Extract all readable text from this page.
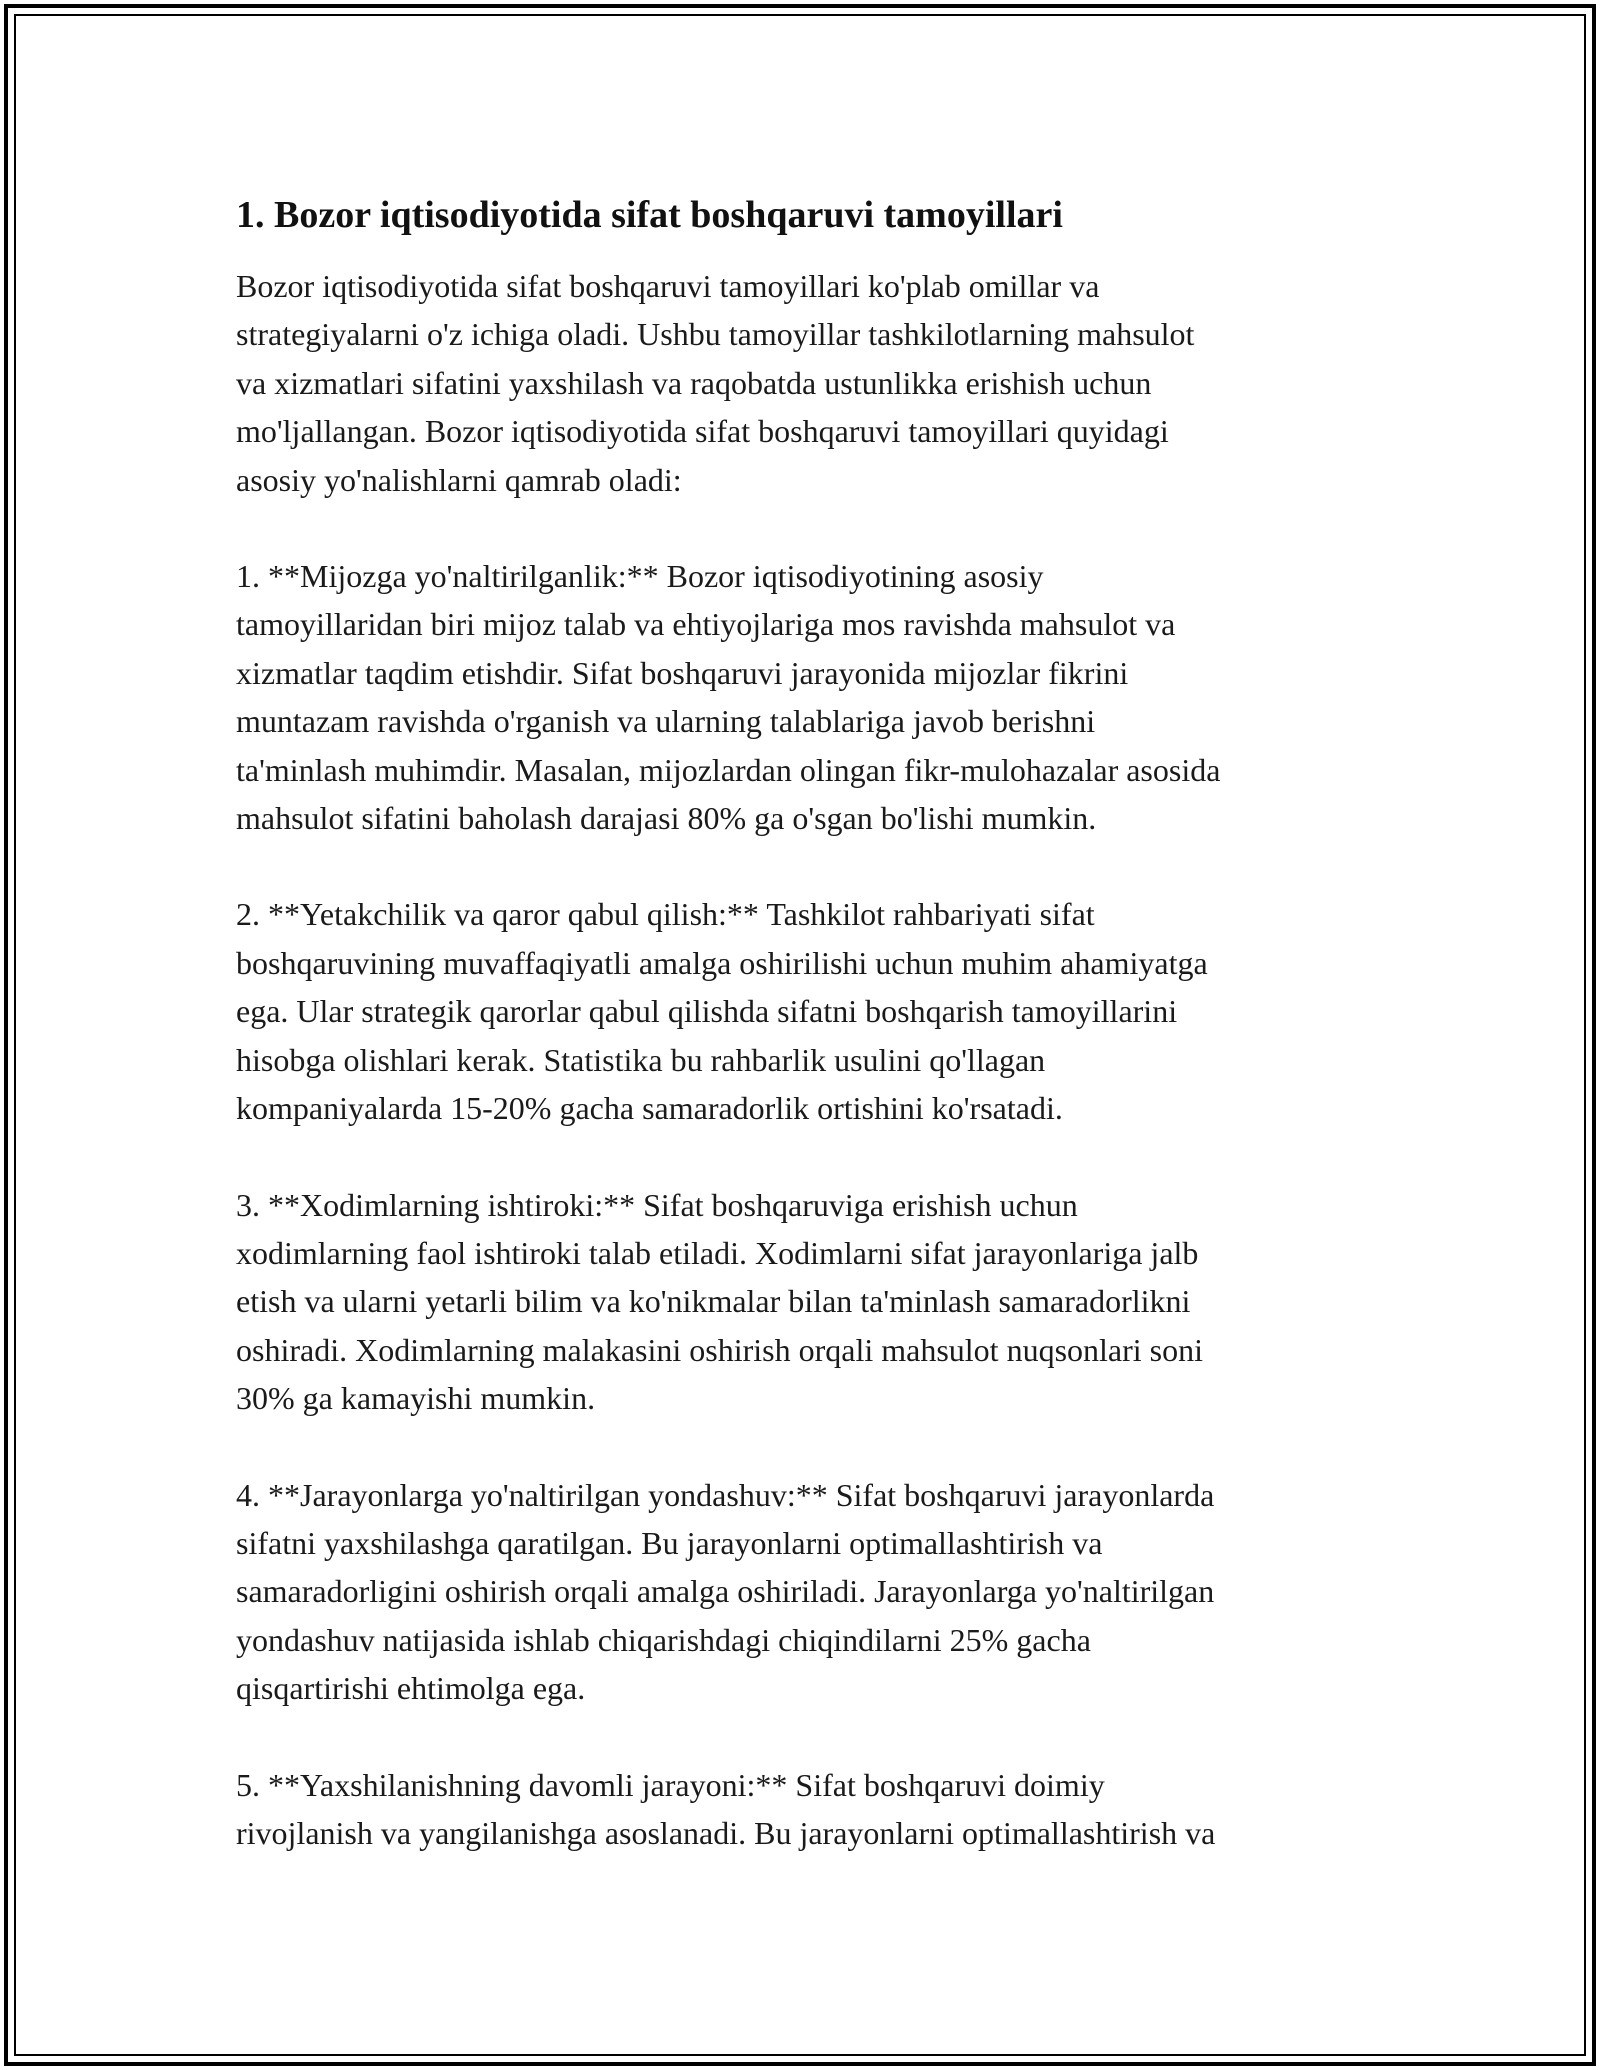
1. Bozor iqtisodiyotida sifat boshqaruvi tamoyillari

Bozor iqtisodiyotida sifat boshqaruvi tamoyillari ko'plab omillar va
strategiyalarni o'z ichiga oladi. Ushbu tamoyillar tashkilotlarning mahsulot
va xizmatlari sifatini yaxshilash va raqobatda ustunlikka erishish uchun
mo'ljallangan. Bozor iqtisodiyotida sifat boshqaruvi tamoyillari quyidagi
asosiy yo'nalishlarni qamrab oladi:

1. **Mijozga yo'naltirilganlik:** Bozor iqtisodiyotining asosiy
tamoyillaridan biri mijoz talab va ehtiyojlariga mos ravishda mahsulot va
xizmatlar taqdim etishdir. Sifat boshqaruvi jarayonida mijozlar fikrini
muntazam ravishda o'rganish va ularning talablariga javob berishni
ta'minlash muhimdir. Masalan, mijozlardan olingan fikr-mulohazalar asosida
mahsulot sifatini baholash darajasi 80% ga o'sgan bo'lishi mumkin.

2. **Yetakchilik va qaror qabul qilish:** Tashkilot rahbariyati sifat
boshqaruvining muvaffaqiyatli amalga oshirilishi uchun muhim ahamiyatga
ega. Ular strategik qarorlar qabul qilishda sifatni boshqarish tamoyillarini
hisobga olishlari kerak. Statistika bu rahbarlik usulini qo'llagan
kompaniyalarda 15-20% gacha samaradorlik ortishini ko'rsatadi.

3. **Xodimlarning ishtiroki:** Sifat boshqaruviga erishish uchun
xodimlarning faol ishtiroki talab etiladi. Xodimlarni sifat jarayonlariga jalb
etish va ularni yetarli bilim va ko'nikmalar bilan ta'minlash samaradorlikni
oshiradi. Xodimlarning malakasini oshirish orqali mahsulot nuqsonlari soni
30% ga kamayishi mumkin.

4. **Jarayonlarga yo'naltirilgan yondashuv:** Sifat boshqaruvi jarayonlarda
sifatni yaxshilashga qaratilgan. Bu jarayonlarni optimallashtirish va
samaradorligini oshirish orqali amalga oshiriladi. Jarayonlarga yo'naltirilgan
yondashuv natijasida ishlab chiqarishdagi chiqindilarni 25% gacha
qisqartirishi ehtimolga ega.

5. **Yaxshilanishning davomli jarayoni:** Sifat boshqaruvi doimiy
rivojlanish va yangilanishga asoslanadi. Bu jarayonlarni optimallashtirish va
